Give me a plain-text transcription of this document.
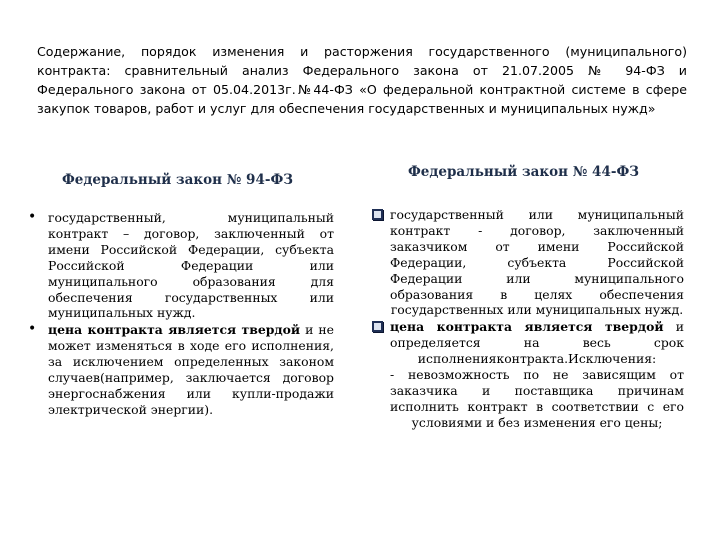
Содержание, порядок изменения и расторжения государственного (муниципального) контракта: сравнительный анализ Федерального закона от 21.07.2005 № 94-ФЗ и Федерального закона от 05.04.2013г.№44-ФЗ «О федеральной контрактной системе в сфере закупок товаров, работ и услуг для обеспечения государственных и муниципальных нужд»

Федеральный закон № 94-ФЗ	Федеральный закон № 44-ФЗ
• государственный, муниципальный контракт – договор, заключенный от имени Российской Федерации, субъекта Российской Федерации или муниципального образования для обеспечения государственных или муниципальных нужд.
• цена контракта является твердой и не может изменяться в ходе его исполнения, за исключением определенных законом случаев(например, заключается договор энергоснабжения или купли-продажи электрической энергии).
государственный или муниципальный контракт - договор, заключенный заказчиком от имени Российской Федерации, субъекта Российской Федерации или муниципального образования в целях обеспечения государственных или муниципальных нужд.
цена контракта является твердой и определяется на весь срок исполненияконтракта.Исключения:
- невозможность по не зависящим от заказчика и поставщика причинам исполнить контракт в соответствии с его условиями и без изменения его цены;
